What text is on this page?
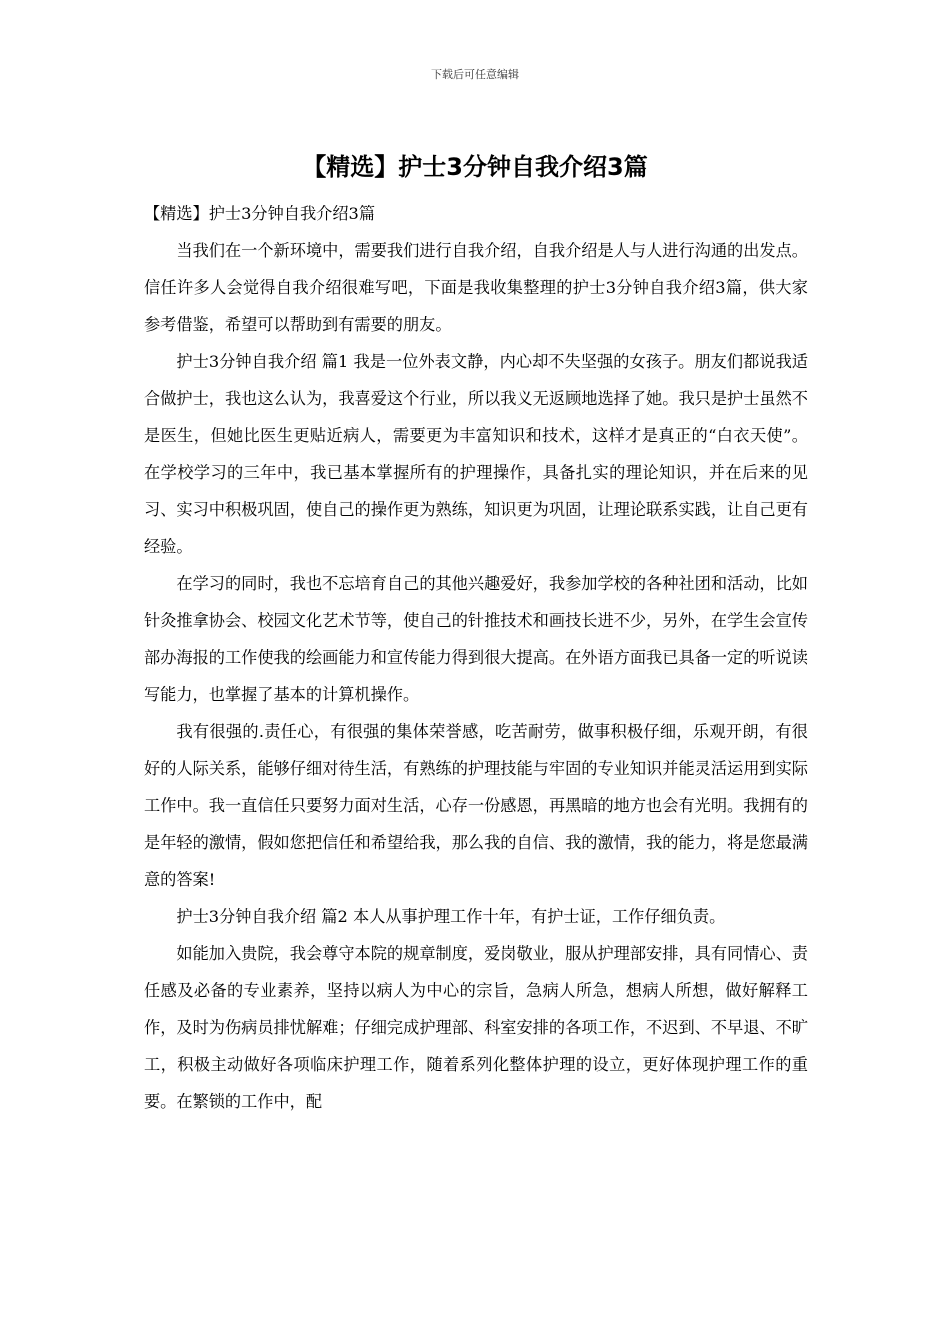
下载后可任意编辑
【精选】护士3分钟自我介绍3篇

【精选】护士3分钟自我介绍3篇

当我们在一个新环境中，需要我们进行自我介绍，自我介绍是人与人进行沟通的出发点。信任许多人会觉得自我介绍很难写吧，下面是我收集整理的护士3分钟自我介绍3篇，供大家参考借鉴，希望可以帮助到有需要的朋友。

护士3分钟自我介绍 篇1 我是一位外表文静，内心却不失坚强的女孩子。朋友们都说我适合做护士，我也这么认为，我喜爱这个行业，所以我义无返顾地选择了她。我只是护士虽然不是医生，但她比医生更贴近病人，需要更为丰富知识和技术，这样才是真正的“白衣天使”。在学校学习的三年中，我已基本掌握所有的护理操作，具备扎实的理论知识，并在后来的见习、实习中积极巩固，使自己的操作更为熟练，知识更为巩固，让理论联系实践，让自己更有经验。

在学习的同时，我也不忘培育自己的其他兴趣爱好，我参加学校的各种社团和活动，比如针灸推拿协会、校园文化艺术节等，使自己的针推技术和画技长进不少，另外，在学生会宣传部办海报的工作使我的绘画能力和宣传能力得到很大提高。在外语方面我已具备一定的听说读写能力，也掌握了基本的计算机操作。

我有很强的.责任心，有很强的集体荣誉感，吃苦耐劳，做事积极仔细，乐观开朗，有很好的人际关系，能够仔细对待生活，有熟练的护理技能与牢固的专业知识并能灵活运用到实际工作中。我一直信任只要努力面对生活，心存一份感恩，再黑暗的地方也会有光明。我拥有的是年轻的激情，假如您把信任和希望给我，那么我的自信、我的激情，我的能力，将是您最满意的答案!

护士3分钟自我介绍 篇2 本人从事护理工作十年，有护士证，工作仔细负责。

如能加入贵院，我会尊守本院的规章制度，爱岗敬业，服从护理部安排，具有同情心、责任感及必备的专业素养，坚持以病人为中心的宗旨，急病人所急，想病人所想，做好解释工作，及时为伤病员排忧解难；仔细完成护理部、科室安排的各项工作，不迟到、不早退、不旷工，积极主动做好各项临床护理工作，随着系列化整体护理的设立，更好体现护理工作的重要。在繁锁的工作中，配
